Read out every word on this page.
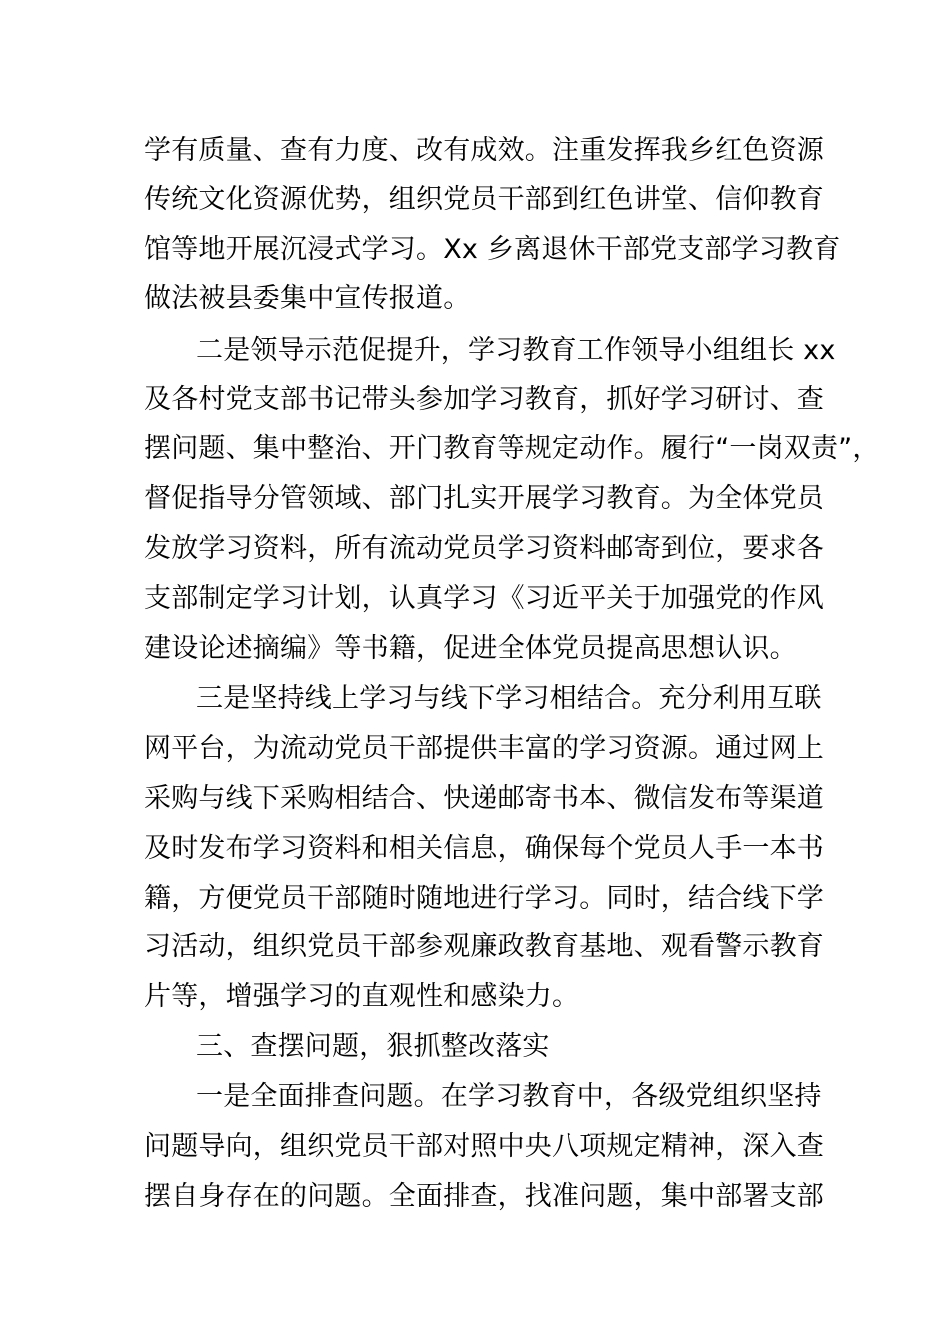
学有质量、查有力度、改有成效。注重发挥我乡红色资源
传统文化资源优势，组织党员干部到红色讲堂、信仰教育
馆等地开展沉浸式学习。Xx 乡离退休干部党支部学习教育
做法被县委集中宣传报道。
二是领导示范促提升，学习教育工作领导小组组长 xx
及各村党支部书记带头参加学习教育，抓好学习研讨、查
摆问题、集中整治、开门教育等规定动作。履行“一岗双责”，
督促指导分管领域、部门扎实开展学习教育。为全体党员
发放学习资料，所有流动党员学习资料邮寄到位，要求各
支部制定学习计划，认真学习《习近平关于加强党的作风
建设论述摘编》等书籍，促进全体党员提高思想认识。
三是坚持线上学习与线下学习相结合。充分利用互联
网平台，为流动党员干部提供丰富的学习资源。通过网上
采购与线下采购相结合、快递邮寄书本、微信发布等渠道
及时发布学习资料和相关信息，确保每个党员人手一本书
籍，方便党员干部随时随地进行学习。同时，结合线下学
习活动，组织党员干部参观廉政教育基地、观看警示教育
片等，增强学习的直观性和感染力。
三、查摆问题，狠抓整改落实
一是全面排查问题。在学习教育中，各级党组织坚持
问题导向，组织党员干部对照中央八项规定精神，深入查
摆自身存在的问题。全面排查，找准问题，集中部署支部
